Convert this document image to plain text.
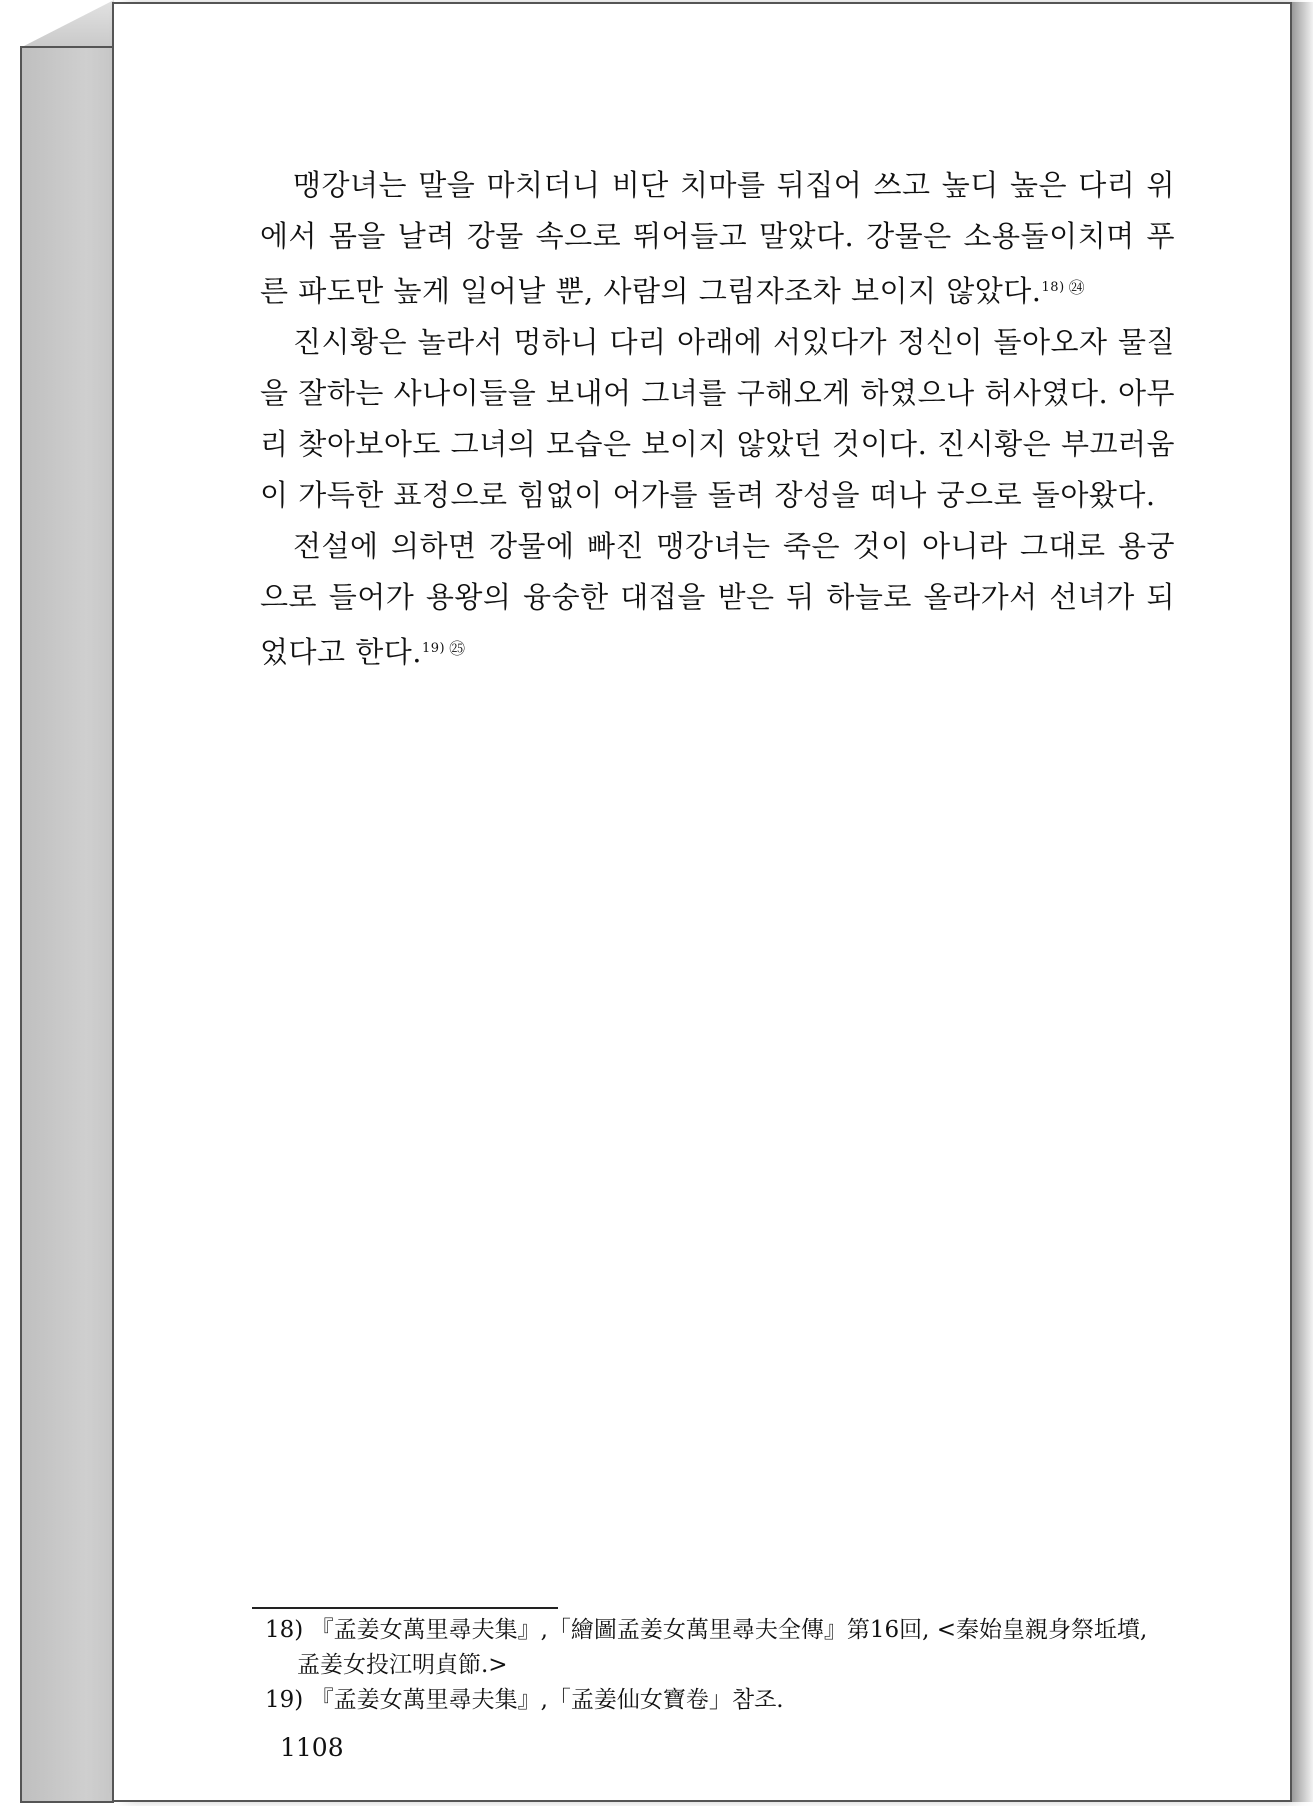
맹강녀는 말을 마치더니 비단 치마를 뒤집어 쓰고 높디 높은 다리 위에서 몸을 날려 강물 속으로 뛰어들고 말았다. 강물은 소용돌이치며 푸른 파도만 높게 일어날 뿐, 사람의 그림자조차 보이지 않았다.$^{18)}$ $^㉔$

진시황은 놀라서 멍하니 다리 아래에 서있다가 정신이 돌아오자 물질을 잘하는 사나이들을 보내어 그녀를 구해오게 하였으나 허사였다. 아무리 찾아보아도 그녀의 모습은 보이지 않았던 것이다. 진시황은 부끄러움이 가득한 표정으로 힘없이 어가를 돌려 장성을 떠나 궁으로 돌아왔다.

전설에 의하면 강물에 빠진 맹강녀는 죽은 것이 아니라 그대로 용궁으로 들어가 용왕의 융숭한 대접을 받은 뒤 하늘로 올라가서 선녀가 되었다고 한다.$^{19)}$ $^㉕$

18) 『孟姜女萬里尋夫集』,「繪圖孟姜女萬里尋夫全傳』第16回, <秦始皇親身祭坵墳, 孟姜女投江明貞節.>
19) 『孟姜女萬里尋夫集』,「孟姜仙女寶卷」참조.
1108
